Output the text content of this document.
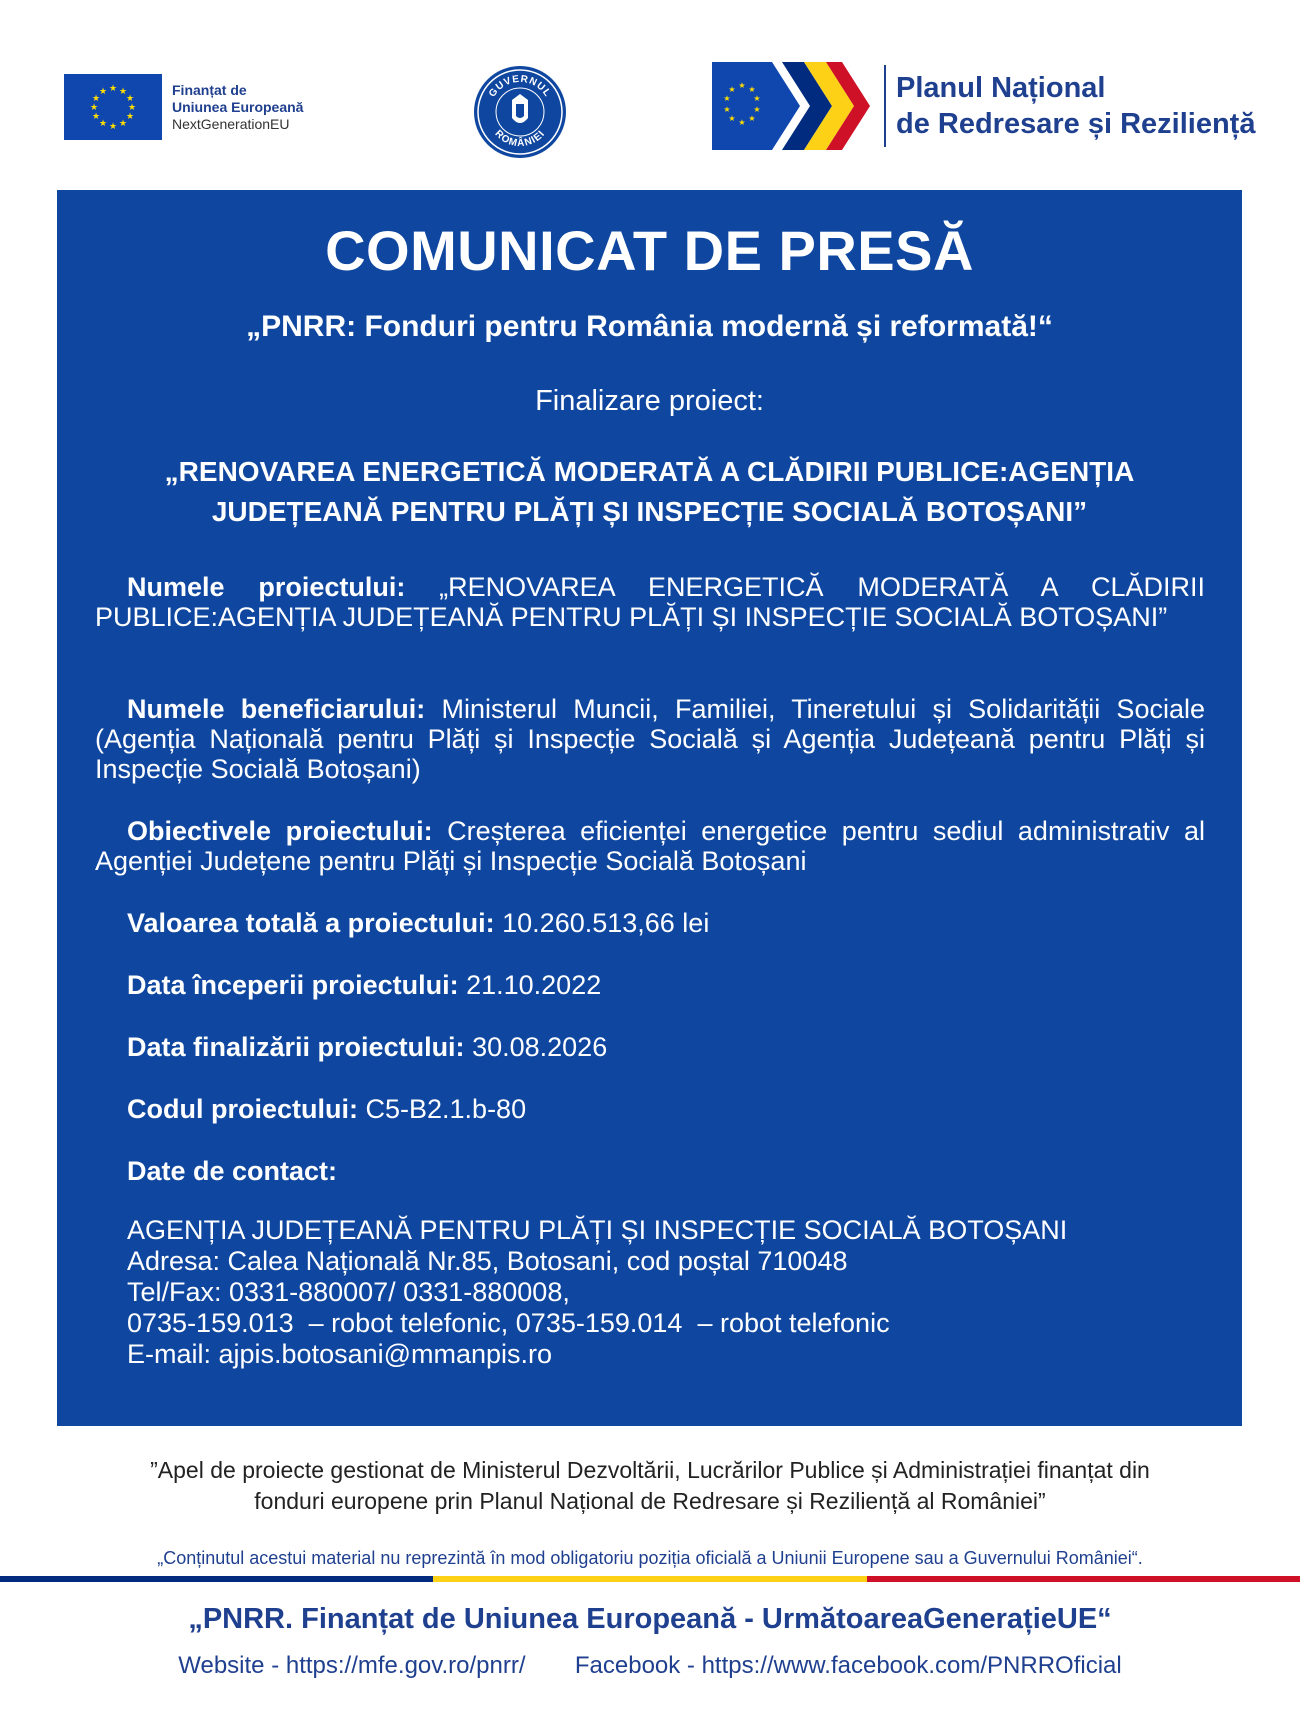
★ ★
★
★
★
★
★
★
★
★
★
★	Finanțat de
Uniunea Europeană
NextGenerationEU
GUVERNUL
ROMÂNIEI
★ ★
★
★
★
★
★
★
★
★	Planul Național
de Redresare și Reziliență
COMUNICAT DE PRESĂ
„PNRR: Fonduri pentru România modernă și reformată!“
Finalizare proiect:
„RENOVAREA ENERGETICĂ MODERATĂ A CLĂDIRII PUBLICE:AGENȚIA JUDEȚEANĂ PENTRU PLĂȚI ȘI INSPECȚIE SOCIALĂ BOTOȘANI”
Numele proiectului: „RENOVAREA ENERGETICĂ MODERATĂ A CLĂDIRII PUBLICE:AGENȚIA JUDEȚEANĂ PENTRU PLĂȚI ȘI INSPECȚIE SOCIALĂ BOTOȘANI”
Numele beneficiarului: Ministerul Muncii, Familiei, Tineretului și Solidarității Sociale (Agenția Națională pentru Plăți și Inspecție Socială și Agenția Județeană pentru Plăți și Inspecție Socială Botoșani)
Obiectivele proiectului: Creșterea eficienței energetice pentru sediul administrativ al Agenției Județene pentru Plăți și Inspecție Socială Botoșani
Valoarea totală a proiectului: 10.260.513,66 lei
Data începerii proiectului: 21.10.2022
Data finalizării proiectului: 30.08.2026
Codul proiectului: C5-B2.1.b-80
Date de contact:
AGENȚIA JUDEȚEANĂ PENTRU PLĂȚI ȘI INSPECȚIE SOCIALĂ BOTOȘANI
Adresa: Calea Națională Nr.85, Botosani, cod poștal 710048
Tel/Fax: 0331-880007/ 0331-880008,
0735-159.013  – robot telefonic, 0735-159.014  – robot telefonic
E-mail: ajpis.botosani@mmanpis.ro
”Apel de proiecte gestionat de Ministerul Dezvoltării, Lucrărilor Publice și Administrației finanțat din
fonduri europene prin Planul Național de Redresare și Reziliență al României”
„Conținutul acestui material nu reprezintă în mod obligatoriu poziția oficială a Uniunii Europene sau a Guvernului României“.
„PNRR. Finanțat de Uniunea Europeană - UrmătoareaGenerațieUE“
Website - https://mfe.gov.ro/pnrr/ Facebook - https://www.facebook.com/PNRROficial
